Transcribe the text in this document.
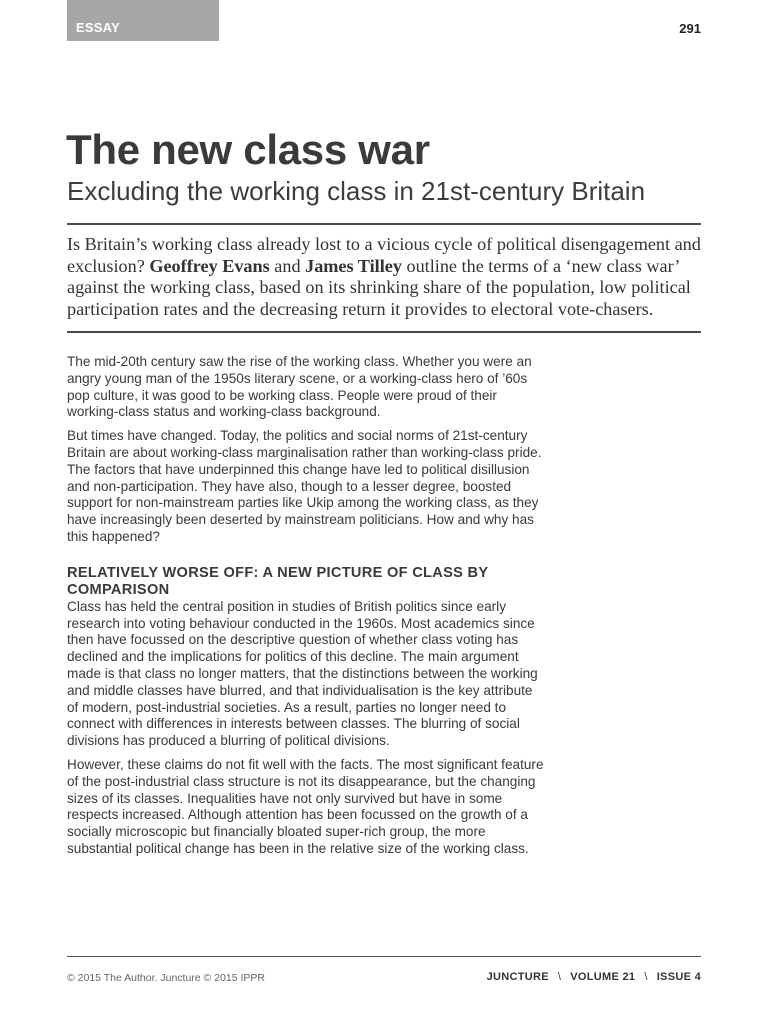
ESSAY	291
The new class war
Excluding the working class in 21st-century Britain

Is Britain’s working class already lost to a vicious cycle of political disengagement and exclusion? Geoffrey Evans and James Tilley outline the terms of a ‘new class war’ against the working class, based on its shrinking share of the population, low political participation rates and the decreasing return it provides to electoral vote-chasers.

The mid-20th century saw the rise of the working class. Whether you were an angry young man of the 1950s literary scene, or a working-class hero of ’60s pop culture, it was good to be working class. People were proud of their working-class status and working-class background.

But times have changed. Today, the politics and social norms of 21st-century Britain are about working-class marginalisation rather than working-class pride. The factors that have underpinned this change have led to political disillusion and non-participation. They have also, though to a lesser degree, boosted support for non-mainstream parties like Ukip among the working class, as they have increasingly been deserted by mainstream politicians. How and why has this happened?

RELATIVELY WORSE OFF: A NEW PICTURE OF CLASS BY COMPARISON

Class has held the central position in studies of British politics since early research into voting behaviour conducted in the 1960s. Most academics since then have focussed on the descriptive question of whether class voting has declined and the implications for politics of this decline. The main argument made is that class no longer matters, that the distinctions between the working and middle classes have blurred, and that individualisation is the key attribute of modern, post-industrial societies. As a result, parties no longer need to connect with differences in interests between classes. The blurring of social divisions has produced a blurring of political divisions.

However, these claims do not fit well with the facts. The most significant feature of the post-industrial class structure is not its disappearance, but the changing sizes of its classes. Inequalities have not only survived but have in some respects increased. Although attention has been focussed on the growth of a socially microscopic but financially bloated super-rich group, the more substantial political change has been in the relative size of the working class.

© 2015 The Author. Juncture © 2015 IPPR	JUNCTURE \ VOLUME 21 \ ISSUE 4
